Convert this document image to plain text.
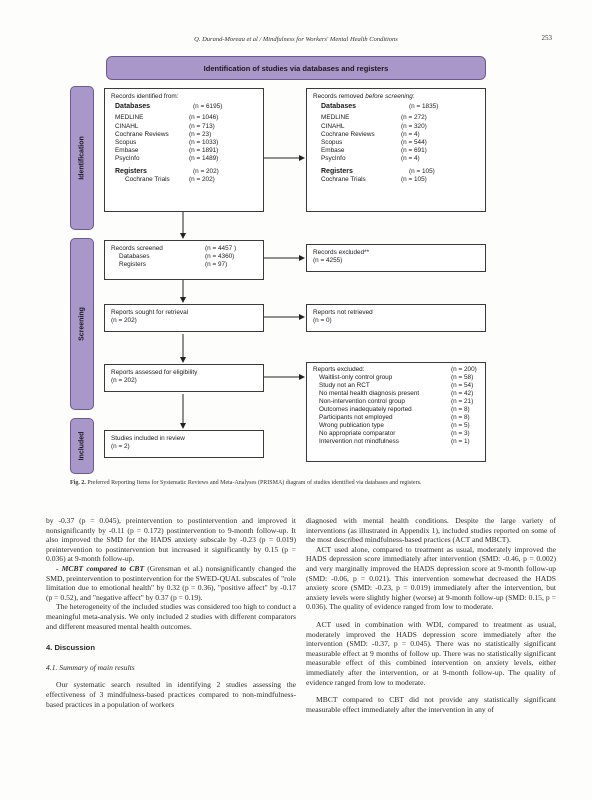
Q. Durand-Moreau et al / Mindfulness for Workers' Mental Health Conditions	253
Identification of studies via databases and registers
Identification
Screening
Included
Records identified from:
Databases	(n = 6195)
MEDLINE	(n = 1046)
CINAHL	(n = 713)
Cochrane Reviews	(n = 23)
Scopus	(n = 1033)
Embase	(n = 1891)
PsycInfo	(n = 1489)
Registers	(n = 202)
Cochrane Trials	(n = 202)
Records removed before screening:
Databases	(n = 1835)
MEDLINE	(n = 272)
CINAHL	(n = 320)
Cochrane Reviews	(n = 4)
Scopus	(n = 544)
Embase	(n = 691)
PsycInfo	(n = 4)
Registers	(n = 105)
Cochrane Trials	(n = 105)
Records screened	(n = 4457 )
Databases	(n = 4360)
Registers	(n = 97)
Records excluded**
(n = 4255)
Reports sought for retrieval
(n = 202)
Reports not retrieved
(n = 0)
Reports assessed for eligibility
(n = 202)
Reports excluded:	(n = 200)
Waitlist-only control group	(n = 58)
Study not an RCT	(n = 54)
No mental health diagnosis present	(n = 42)
Non-intervention control group	(n = 21)
Outcomes inadequately reported	(n = 8)
Participants not employed	(n = 8)
Wrong publication type	(n = 5)
No appropriate comparator	(n = 3)
Intervention not mindfulness	(n = 1)
Studies included in review
(n = 2)
Fig. 2. Preferred Reporting Items for Systematic Reviews and Meta-Analyses (PRISMA) diagram of studies identified via databases and registers.

by -0.37 (p = 0.045), preintervention to postintervention and improved it nonsignificantly by -0.11 (p = 0.172) postintervention to 9-month follow-up. It also improved the SMD for the HADS anxiety subscale by -0.23 (p = 0.019) preintervention to postintervention but increased it significantly by 0.15 (p = 0.036) at 9-month follow-up.

- MCBT compared to CBT (Grensman et al.) nonsignificantly changed the SMD, preintervention to postintervention for the SWED-QUAL subscales of "role limitation due to emotional health" by 0.32 (p = 0.36), "positive affect" by -0.17 (p = 0.52), and "negative affect" by 0.37 (p = 0.19).

The heterogeneity of the included studies was considered too high to conduct a meaningful meta-analysis. We only included 2 studies with different comparators and different measured mental health outcomes.

4. Discussion

4.1. Summary of main results

Our systematic search resulted in identifying 2 studies assessing the effectiveness of 3 mindfulness-based practices compared to non-mindfulness-based practices in a population of workers

diagnosed with mental health conditions. Despite the large variety of interventions (as illustrated in Appendix 1), included studies reported on some of the most described mindfulness-based practices (ACT and MBCT).

ACT used alone, compared to treatment as usual, moderately improved the HADS depression score immediately after intervention (SMD: -0.46, p = 0.002) and very marginally improved the HADS depression score at 9-month follow-up (SMD: -0.06, p = 0.021). This intervention somewhat decreased the HADS anxiety score (SMD: -0.23, p = 0.019) immediately after the intervention, but anxiety levels were slightly higher (worse) at 9-month follow-up (SMD: 0.15, p = 0.036). The quality of evidence ranged from low to moderate.

ACT used in combination with WDI, compared to treatment as usual, moderately improved the HADS depression score immediately after the intervention (SMD: -0.37, p = 0.045). There was no statistically significant measurable effect at 9 months of follow up. There was no statistically significant measurable effect of this combined intervention on anxiety levels, either immediately after the intervention, or at 9-month follow-up. The quality of evidence ranged from low to moderate.

MBCT compared to CBT did not provide any statistically significant measurable effect immediately after the intervention in any of
